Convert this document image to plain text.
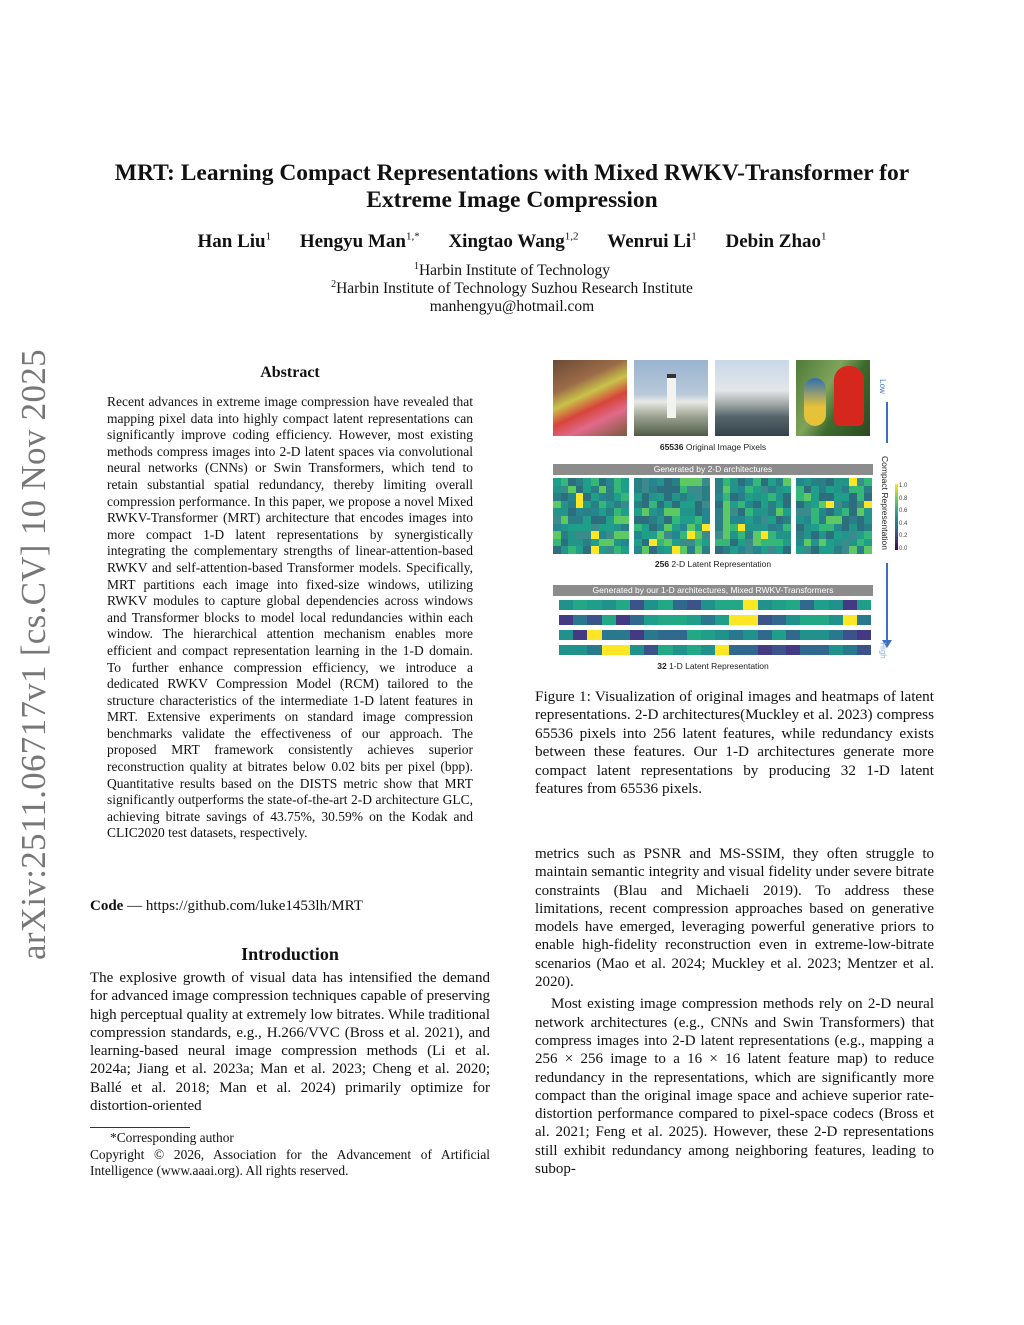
MRT: Learning Compact Representations with Mixed RWKV-Transformer for
Extreme Image Compression
Han Liu$^1$ Hengyu Man$^{1,*}$ Xingtao Wang$^{1,2}$ Wenrui Li$^1$ Debin Zhao$^1$
$^1$Harbin Institute of Technology
$^2$Harbin Institute of Technology Suzhou Research Institute
manhengyu@hotmail.com
arXiv:2511.06717v1 [cs.CV] 10 Nov 2025	Abstract
Recent advances in extreme image compression have revealed that mapping pixel data into highly compact latent representations can significantly improve coding efficiency. However, most existing methods compress images into 2-D latent spaces via convolutional neural networks (CNNs) or Swin Transformers, which tend to retain substantial spatial redundancy, thereby limiting overall compression performance. In this paper, we propose a novel Mixed RWKV-Transformer (MRT) architecture that encodes images into more compact 1-D latent representations by synergistically integrating the complementary strengths of linear-attention-based RWKV and self-attention-based Transformer models. Specifically, MRT partitions each image into fixed-size windows, utilizing RWKV modules to capture global dependencies across windows and Transformer blocks to model local redundancies within each window. The hierarchical attention mechanism enables more efficient and compact representation learning in the 1-D domain. To further enhance compression efficiency, we introduce a dedicated RWKV Compression Model (RCM) tailored to the structure characteristics of the intermediate 1-D latent features in MRT. Extensive experiments on standard image compression benchmarks validate the effectiveness of our approach. The proposed MRT framework consistently achieves superior reconstruction quality at bitrates below 0.02 bits per pixel (bpp). Quantitative results based on the DISTS metric show that MRT significantly outperforms the state-of-the-art 2-D architecture GLC, achieving bitrate savings of 43.75%, 30.59% on the Kodak and CLIC2020 test datasets, respectively.
Code — https://github.com/luke1453lh/MRT
Introduction
The explosive growth of visual data has intensified the demand for advanced image compression techniques capable of preserving high perceptual quality at extremely low bitrates. While traditional compression standards, e.g., H.266/VVC (Bross et al. 2021), and learning-based neural image compression methods (Li et al. 2024a; Jiang et al. 2023a; Man et al. 2023; Cheng et al. 2020; Ballé et al. 2018; Man et al. 2024) primarily optimize for distortion-oriented
*Corresponding author
Copyright © 2026, Association for the Advancement of Artificial Intelligence (www.aaai.org). All rights reserved.
65536 Original Image Pixels
Generated by 2-D architectures
256 2-D Latent Representation
Generated by our 1-D architectures, Mixed RWKV-Transformers
32 1-D Latent Representation
Low
Compact Representation
High
1.0
0.8
0.6
0.4
0.2
0.0
Figure 1: Visualization of original images and heatmaps of latent representations. 2-D architectures(Muckley et al. 2023) compress 65536 pixels into 256 latent features, while redundancy exists between these features. Our 1-D architectures generate more compact latent representations by producing 32 1-D latent features from 65536 pixels.

metrics such as PSNR and MS-SSIM, they often struggle to maintain semantic integrity and visual fidelity under severe bitrate constraints (Blau and Michaeli 2019). To address these limitations, recent compression approaches based on generative models have emerged, leveraging powerful generative priors to enable high-fidelity reconstruction even in extreme-low-bitrate scenarios (Mao et al. 2024; Muckley et al. 2023; Mentzer et al. 2020).

Most existing image compression methods rely on 2-D neural network architectures (e.g., CNNs and Swin Transformers) that compress images into 2-D latent representations (e.g., mapping a 256 × 256 image to a 16 × 16 latent feature map) to reduce redundancy in the representations, which are significantly more compact than the original image space and achieve superior rate-distortion performance compared to pixel-space codecs (Bross et al. 2021; Feng et al. 2025). However, these 2-D representations still exhibit redundancy among neighboring features, leading to subop-
